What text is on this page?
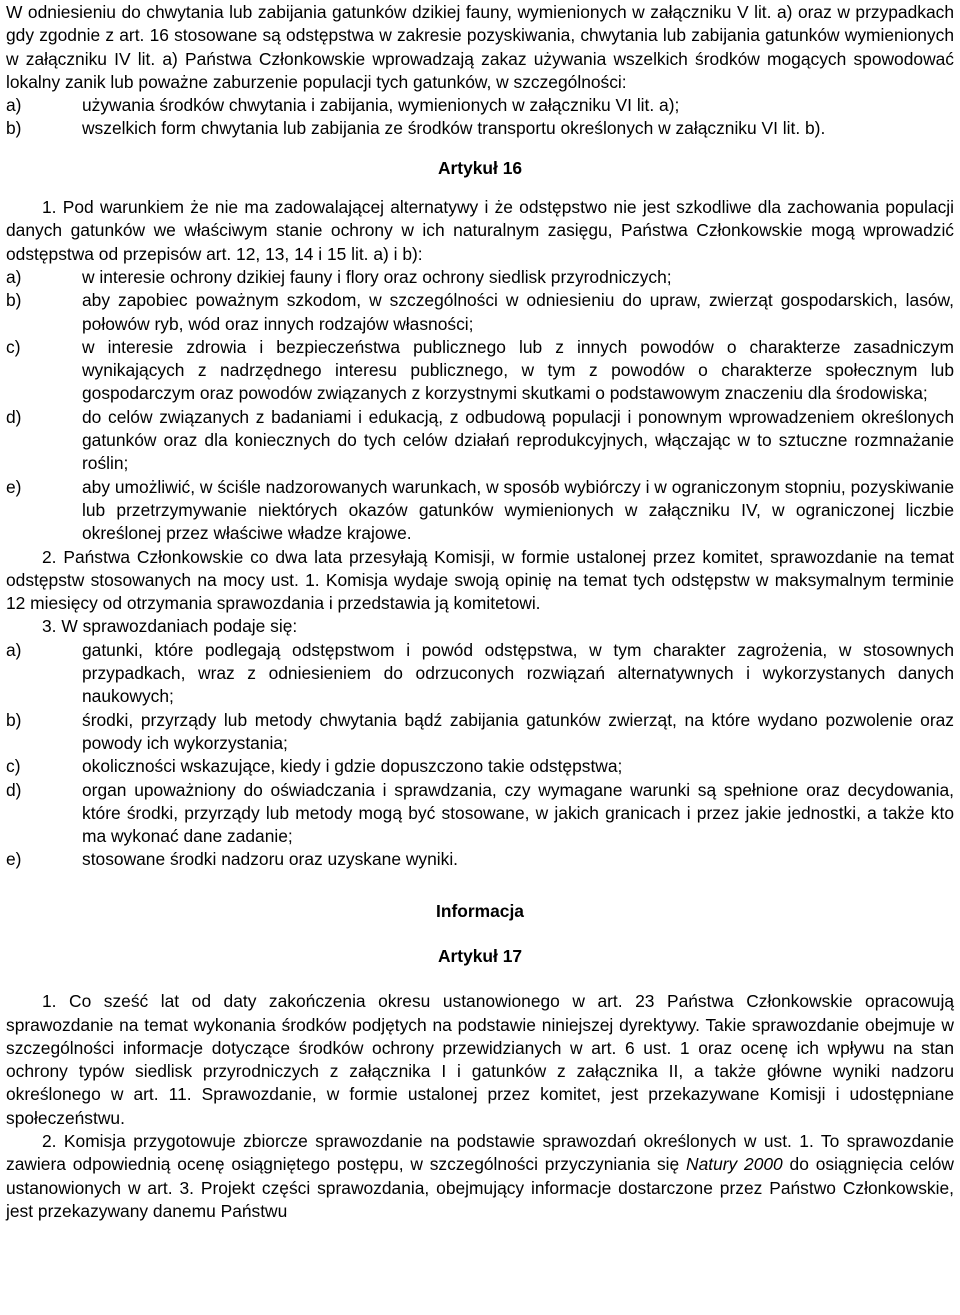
W odniesieniu do chwytania lub zabijania gatunków dzikiej fauny, wymienionych w załączniku V lit. a) oraz w przypadkach gdy zgodnie z art. 16 stosowane są odstępstwa w zakresie pozyskiwania, chwytania lub zabijania gatunków wymienionych w załączniku IV lit. a) Państwa Członkowskie wprowadzają zakaz używania wszelkich środków mogących spowodować lokalny zanik lub poważne zaburzenie populacji tych gatunków, w szczególności:

a)	używania środków chwytania i zabijania, wymienionych w załączniku VI lit. a);
b)	wszelkich form chwytania lub zabijania ze środków transportu określonych w załączniku VI lit. b).

Artykuł 16

1. Pod warunkiem że nie ma zadowalającej alternatywy i że odstępstwo nie jest szkodliwe dla zachowania populacji danych gatunków we właściwym stanie ochrony w ich naturalnym zasięgu, Państwa Członkowskie mogą wprowadzić odstępstwa od przepisów art. 12, 13, 14 i 15 lit. a) i b):

a)	w interesie ochrony dzikiej fauny i flory oraz ochrony siedlisk przyrodniczych;
b)	aby zapobiec poważnym szkodom, w szczególności w odniesieniu do upraw, zwierząt gospodarskich, lasów, połowów ryb, wód oraz innych rodzajów własności;
c)	w interesie zdrowia i bezpieczeństwa publicznego lub z innych powodów o charakterze zasadniczym wynikających z nadrzędnego interesu publicznego, w tym z powodów o charakterze społecznym lub gospodarczym oraz powodów związanych z korzystnymi skutkami o podstawowym znaczeniu dla środowiska;
d)	do celów związanych z badaniami i edukacją, z odbudową populacji i ponownym wprowadzeniem określonych gatunków oraz dla koniecznych do tych celów działań reprodukcyjnych, włączając w to sztuczne rozmnażanie roślin;
e)	aby umożliwić, w ściśle nadzorowanych warunkach, w sposób wybiórczy i w ograniczonym stopniu, pozyskiwanie lub przetrzymywanie niektórych okazów gatunków wymienionych w załączniku IV, w ograniczonej liczbie określonej przez właściwe władze krajowe.

2. Państwa Członkowskie co dwa lata przesyłają Komisji, w formie ustalonej przez komitet, sprawozdanie na temat odstępstw stosowanych na mocy ust. 1. Komisja wydaje swoją opinię na temat tych odstępstw w maksymalnym terminie 12 miesięcy od otrzymania sprawozdania i przedstawia ją komitetowi.

3. W sprawozdaniach podaje się:

a)	gatunki, które podlegają odstępstwom i powód odstępstwa, w tym charakter zagrożenia, w stosownych przypadkach, wraz z odniesieniem do odrzuconych rozwiązań alternatywnych i wykorzystanych danych naukowych;
b)	środki, przyrządy lub metody chwytania bądź zabijania gatunków zwierząt, na które wydano pozwolenie oraz powody ich wykorzystania;
c)	okoliczności wskazujące, kiedy i gdzie dopuszczono takie odstępstwa;
d)	organ upoważniony do oświadczania i sprawdzania, czy wymagane warunki są spełnione oraz decydowania, które środki, przyrządy lub metody mogą być stosowane, w jakich granicach i przez jakie jednostki, a także kto ma wykonać dane zadanie;
e)	stosowane środki nadzoru oraz uzyskane wyniki.

Informacja

Artykuł 17

1. Co sześć lat od daty zakończenia okresu ustanowionego w art. 23 Państwa Członkowskie opracowują sprawozdanie na temat wykonania środków podjętych na podstawie niniejszej dyrektywy. Takie sprawozdanie obejmuje w szczególności informacje dotyczące środków ochrony przewidzianych w art. 6 ust. 1 oraz ocenę ich wpływu na stan ochrony typów siedlisk przyrodniczych z załącznika I i gatunków z załącznika II, a także główne wyniki nadzoru określonego w art. 11. Sprawozdanie, w formie ustalonej przez komitet, jest przekazywane Komisji i udostępniane społeczeństwu.

2. Komisja przygotowuje zbiorcze sprawozdanie na podstawie sprawozdań określonych w ust. 1. To sprawozdanie zawiera odpowiednią ocenę osiągniętego postępu, w szczególności przyczyniania się Natury 2000 do osiągnięcia celów ustanowionych w art. 3. Projekt części sprawozdania, obejmujący informacje dostarczone przez Państwo Członkowskie, jest przekazywany danemu Państwu
